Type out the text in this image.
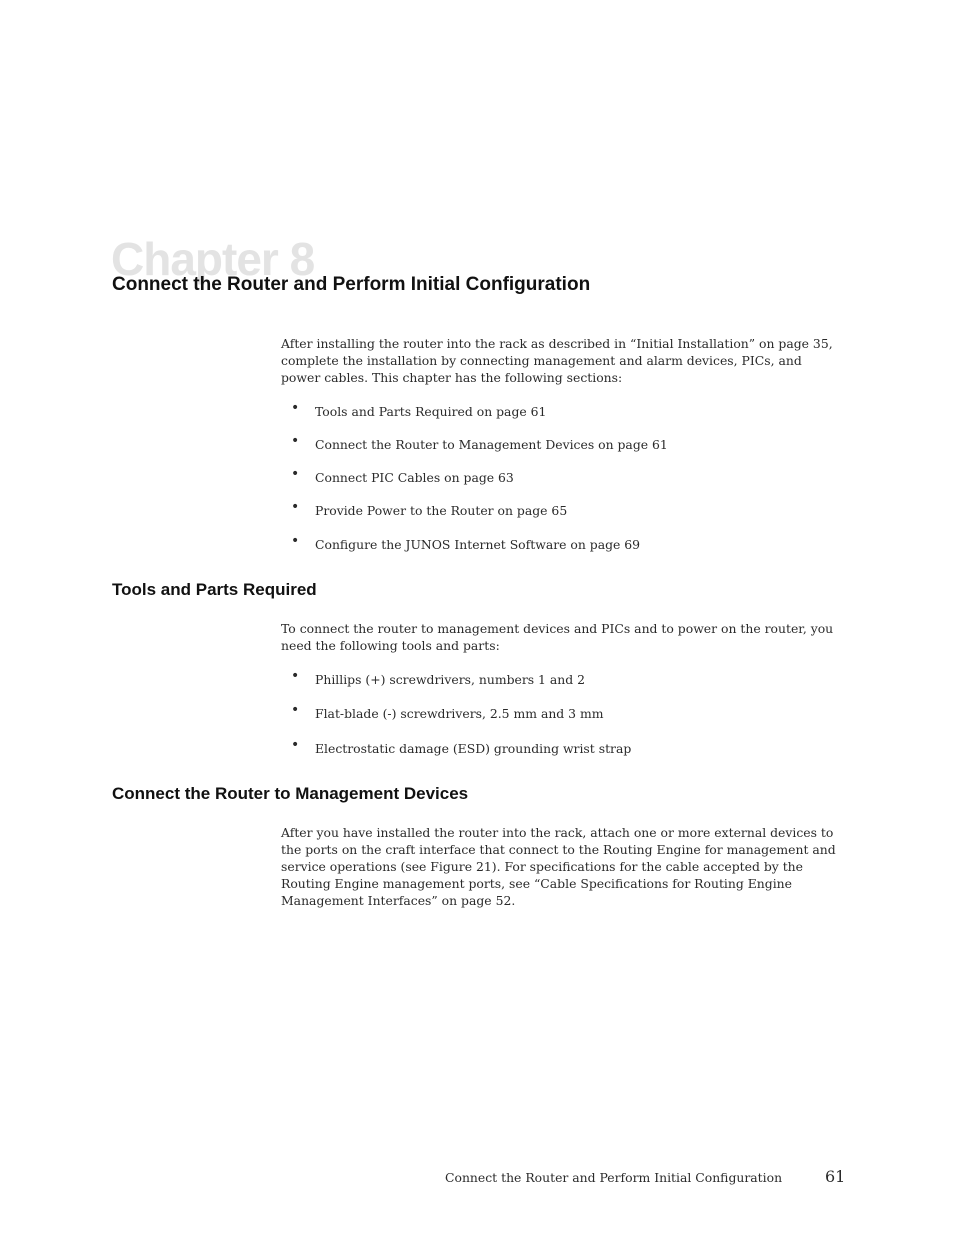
Chapter 8
Connect the Router and Perform Initial Configuration

After installing the router into the rack as described in “Initial Installation” on page 35, complete the installation by connecting management and alarm devices, PICs, and power cables. This chapter has the following sections:

• Tools and Parts Required on page 61
• Connect the Router to Management Devices on page 61
• Connect PIC Cables on page 63
• Provide Power to the Router on page 65
• Configure the JUNOS Internet Software on page 69
Tools and Parts Required

To connect the router to management devices and PICs and to power on the router, you need the following tools and parts:

• Phillips (+) screwdrivers, numbers 1 and 2
• Flat-blade (-) screwdrivers, 2.5 mm and 3 mm
• Electrostatic damage (ESD) grounding wrist strap
Connect the Router to Management Devices

After you have installed the router into the rack, attach one or more external devices to the ports on the craft interface that connect to the Routing Engine for management and service operations (see Figure 21). For specifications for the cable accepted by the Routing Engine management ports, see “Cable Specifications for Routing Engine Management Interfaces” on page 52.

Connect the Router and Perform Initial Configuration	61
